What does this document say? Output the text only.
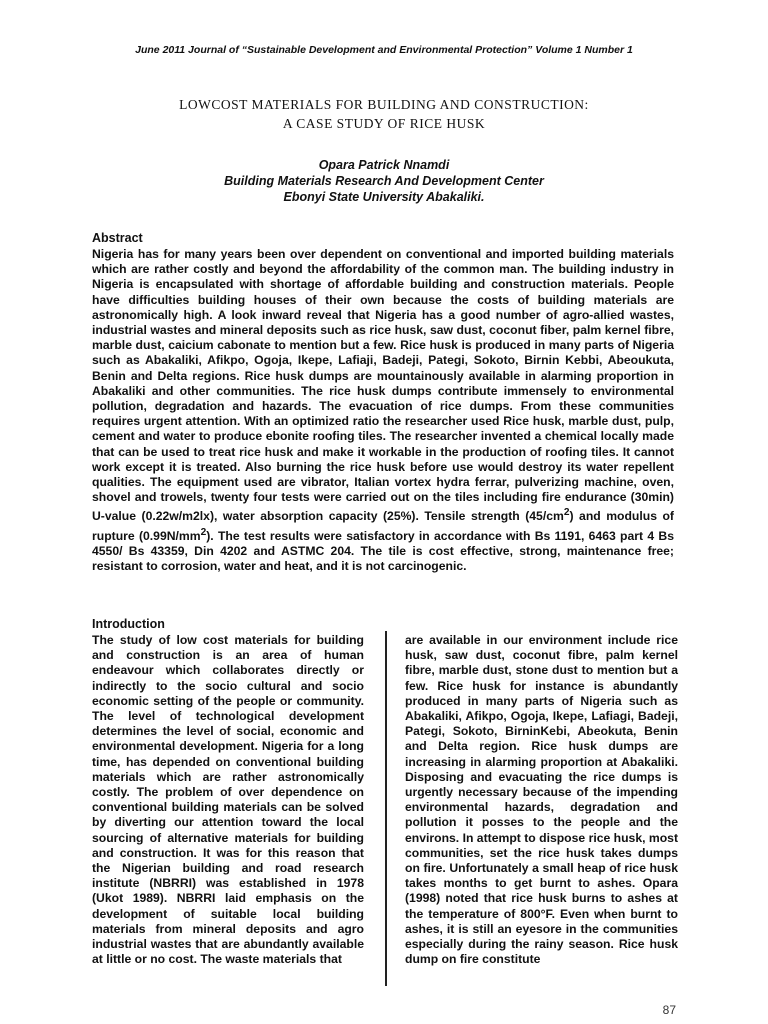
June 2011 Journal of “Sustainable Development and Environmental Protection” Volume 1 Number 1
LOWCOST MATERIALS FOR BUILDING AND CONSTRUCTION:
A CASE STUDY OF RICE HUSK
Opara Patrick Nnamdi
Building Materials Research And Development Center
Ebonyi State University Abakaliki.
Abstract
Nigeria has for many years been over dependent on conventional and imported building materials which are rather costly and beyond the affordability of the common man. The building industry in Nigeria is encapsulated with shortage of affordable building and construction materials. People have difficulties building houses of their own because the costs of building materials are astronomically high. A look inward reveal that Nigeria has a good number of agro-allied wastes, industrial wastes and mineral deposits such as rice husk, saw dust, coconut fiber, palm kernel fibre, marble dust, caicium cabonate to mention but a few. Rice husk is produced in many parts of Nigeria such as Abakaliki, Afikpo, Ogoja, Ikepe, Lafiaji, Badeji, Pategi, Sokoto, Birnin Kebbi, Abeoukuta, Benin and Delta regions. Rice husk dumps are mountainously available in alarming proportion in Abakaliki and other communities. The rice husk dumps contribute immensely to environmental pollution, degradation and hazards. The evacuation of rice dumps. From these communities requires urgent attention. With an optimized ratio the researcher used Rice husk, marble dust, pulp, cement and water to produce ebonite roofing tiles. The researcher invented a chemical locally made that can be used to treat rice husk and make it workable in the production of roofing tiles. It cannot work except it is treated. Also burning the rice husk before use would destroy its water repellent qualities. The equipment used are vibrator, Italian vortex hydra ferrar, pulverizing machine, oven, shovel and trowels, twenty four tests were carried out on the tiles including fire endurance (30min) U-value (0.22w/m2lx), water absorption capacity (25%). Tensile strength $(45/cm^2)$ and modulus of rupture $(0.99N/mm^2)$. The test results were satisfactory in accordance with Bs 1191, 6463 part 4 Bs 4550/ Bs 43359, Din 4202 and ASTMC 204. The tile is cost effective, strong, maintenance free; resistant to corrosion, water and heat, and it is not carcinogenic.
Introduction
The study of low cost materials for building and construction is an area of human endeavour which collaborates directly or indirectly to the socio cultural and socio economic setting of the people or community. The level of technological development determines the level of social, economic and environmental development. Nigeria for a long time, has depended on conventional building materials which are rather astronomically costly. The problem of over dependence on conventional building materials can be solved by diverting our attention toward the local sourcing of alternative materials for building and construction. It was for this reason that the Nigerian building and road research institute (NBRRI) was established in 1978 (Ukot 1989). NBRRI laid emphasis on the development of suitable local building materials from mineral deposits and agro industrial wastes that are abundantly available at little or no cost. The waste materials that
are available in our environment include rice husk, saw dust, coconut fibre, palm kernel fibre, marble dust, stone dust to mention but a few. Rice husk for instance is abundantly produced in many parts of Nigeria such as Abakaliki, Afikpo, Ogoja, Ikepe, Lafiagi, Badeji, Pategi, Sokoto, BirninKebi, Abeokuta, Benin and Delta region. Rice husk dumps are increasing in alarming proportion at Abakaliki. Disposing and evacuating the rice dumps is urgently necessary because of the impending environmental hazards, degradation and pollution it posses to the people and the environs. In attempt to dispose rice husk, most communities, set the rice husk takes dumps on fire. Unfortunately a small heap of rice husk takes months to get burnt to ashes. Opara (1998) noted that rice husk burns to ashes at the temperature of 800°F. Even when burnt to ashes, it is still an eyesore in the communities especially during the rainy season. Rice husk dump on fire constitute
87
